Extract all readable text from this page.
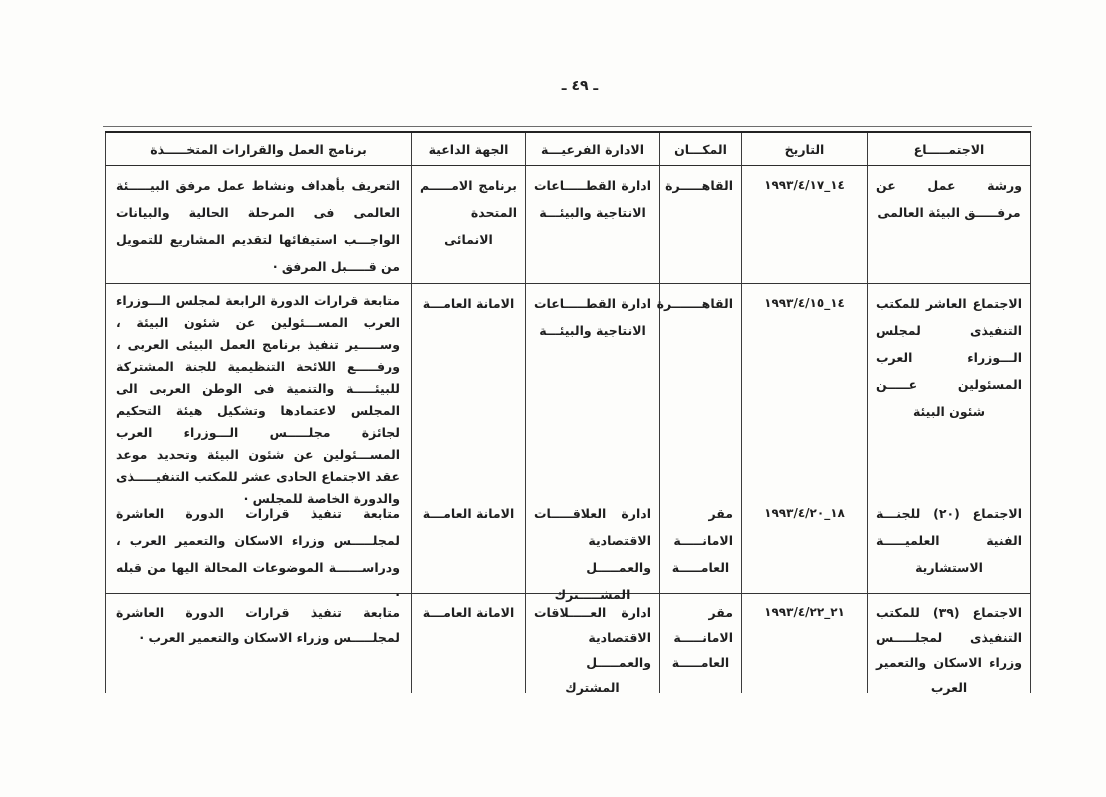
ـ ٤٩ ـ
الاجتمـــــاع
التاريخ
المكـــان
الادارة الفرعيـــة
الجهة الداعية
برنامج العمل والقرارات المتخـــــذة
ورشة عمل عن مرفـــــق البيئة العالمى
١٩٩٣/٤/١٧_١٤
القاهـــــرة
ادارة القطـــــاعات الانتاجية والبيئـــة
برنامج الامـــــم المتحدة الانمائى
التعريف بأهداف ونشاط عمل مرفق البيـــــئة العالمى فى المرحلة الحالية والبيانات الواجـــب استيفائها لتقديم المشاريع للتمويل من قـــــبل المرفق ·
الاجتماع العاشر للمكتب التنفيذى لمجلس الـــوزراء العرب المسئولين عـــــن شئون البيئة
١٩٩٣/٤/١٥_١٤
القاهـــــــرة
ادارة القطـــــاعات الانتاجية والبيئـــة
الامانة العامـــة
متابعة قرارات الدورة الرابعة لمجلس الـــوزراء العرب المســـئولين عن شئون البيئة ، وســـــير تنفيذ برنامج العمل البيئى العربى ، ورفـــــع اللائحة التنظيمية للجنة المشتركة للبيئـــــة والتنمية فى الوطن العربى الى المجلس لاعتمادها وتشكيل هيئة التحكيم لجائزة مجلـــــس الـــوزراء العرب المســـئولين عن شئون البيئة وتحديد موعد عقد الاجتماع الحادى عشر للمكتب التنفيـــــذى والدورة الخاصة للمجلس ·
الاجتماع (٢٠) للجنـــة الفنية العلميـــــة الاستشارية
١٩٩٣/٤/٢٠_١٨
مقر الامانـــــة العامـــــة
ادارة العلاقـــــات الاقتصادية والعمـــــل المشـــــترك
الامانة العامـــة
متابعة تنفيذ قرارات الدورة العاشرة لمجلـــــس وزراء الاسكان والتعمير العرب ، ودراســــــة الموضوعات المحالة اليها من قبله ·
الاجتماع (٣٩) للمكتب التنفيذى لمجلـــــس وزراء الاسكان والتعمير العرب
١٩٩٣/٤/٢٢_٢١
مقر الامانـــــة العامـــــة
ادارة العـــــلاقات الاقتصادية والعمـــــل المشترك
الامانة العامـــة
متابعة تنفيذ قرارات الدورة العاشرة لمجلـــــس وزراء الاسكان والتعمير العرب ·
